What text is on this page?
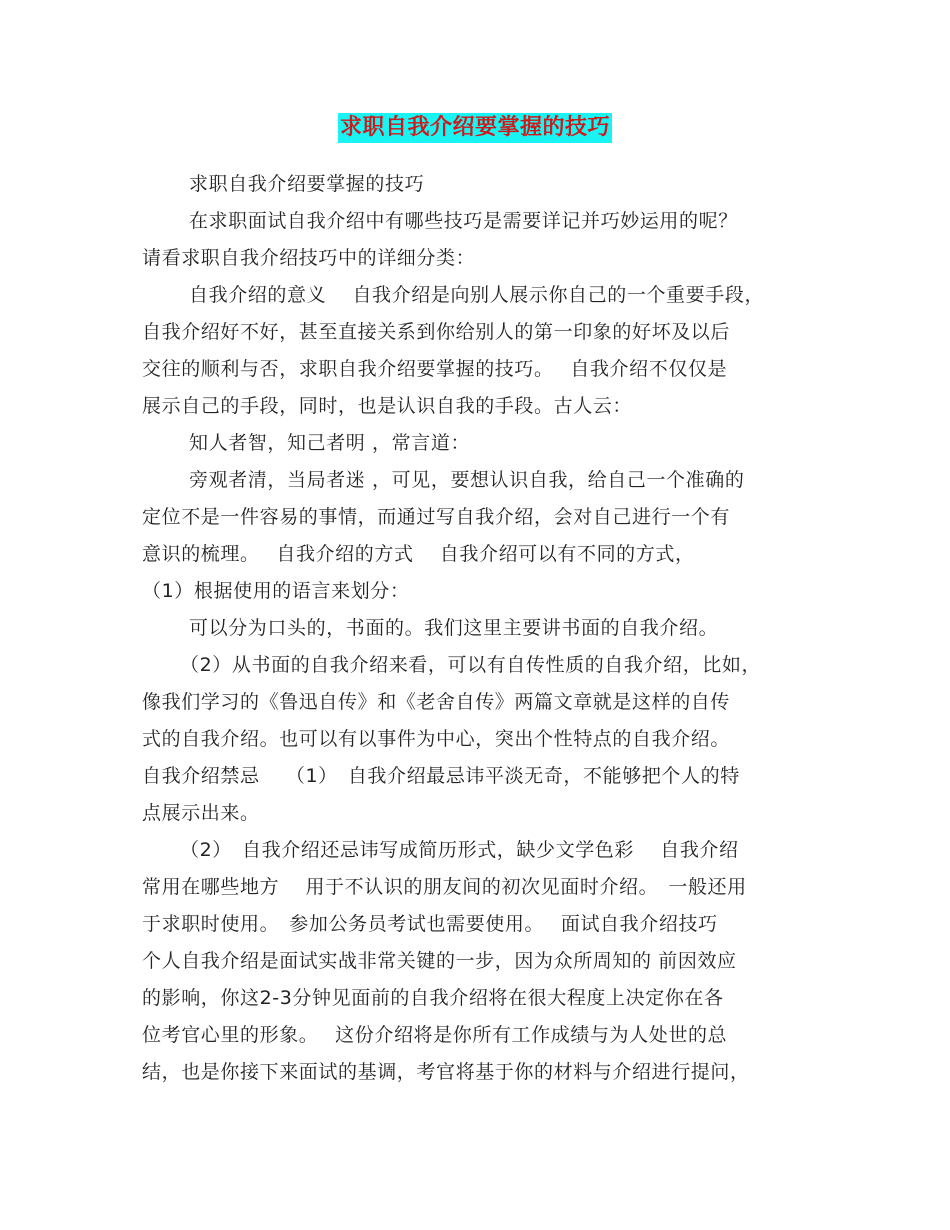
求职自我介绍要掌握的技巧
求职自我介绍要掌握的技巧
在求职面试自我介绍中有哪些技巧是需要详记并巧妙运用的呢？
请看求职自我介绍技巧中的详细分类：
自我介绍的意义　 自我介绍是向别人展示你自己的一个重要手段，
自我介绍好不好，甚至直接关系到你给别人的第一印象的好坏及以后
交往的顺利与否，求职自我介绍要掌握的技巧。　 自我介绍不仅仅是
展示自己的手段，同时，也是认识自我的手段。古人云：
知人者智，知己者明 ，常言道：
旁观者清，当局者迷 ，可见，要想认识自我，给自己一个准确的
定位不是一件容易的事情，而通过写自我介绍，会对自己进行一个有
意识的梳理。　 自我介绍的方式　 自我介绍可以有不同的方式，
（1）根据使用的语言来划分：
可以分为口头的，书面的。我们这里主要讲书面的自我介绍。
（2）从书面的自我介绍来看，可以有自传性质的自我介绍，比如，
像我们学习的《鲁迅自传》和《老舍自传》两篇文章就是这样的自传
式的自我介绍。也可以有以事件为中心，突出个性特点的自我介绍。
自我介绍禁忌　 （1）　自我介绍最忌讳平淡无奇，不能够把个人的特
点展示出来。
（2）　自我介绍还忌讳写成简历形式，缺少文学色彩　 自我介绍
常用在哪些地方　 用于不认识的朋友间的初次见面时介绍。　一般还用
于求职时使用。　参加公务员考试也需要使用。　 面试自我介绍技巧
个人自我介绍是面试实战非常关键的一步，因为众所周知的 前因效应
的影响，你这2-3分钟见面前的自我介绍将在很大程度上决定你在各
位考官心里的形象。　 这份介绍将是你所有工作成绩与为人处世的总
结，也是你接下来面试的基调，考官将基于你的材料与介绍进行提问，
